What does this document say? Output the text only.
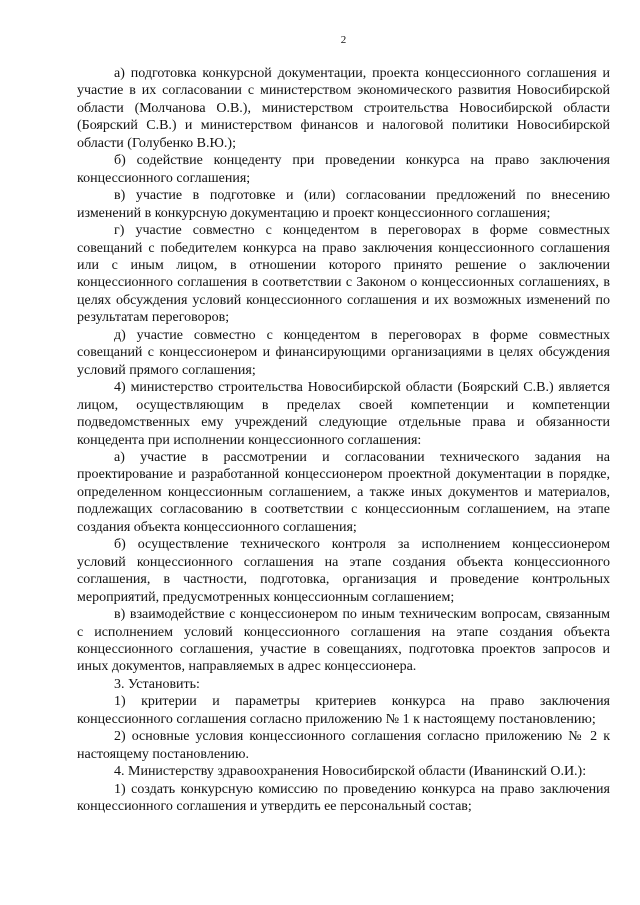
2

а) подготовка конкурсной документации, проекта концессионного соглашения и участие в их согласовании с министерством экономического развития Новосибирской области (Молчанова О.В.), министерством строительства Новосибирской области (Боярский С.В.) и министерством финансов и налоговой политики Новосибирской области (Голубенко В.Ю.);

б) содействие концеденту при проведении конкурса на право заключения концессионного соглашения;

в) участие в подготовке и (или) согласовании предложений по внесению изменений в конкурсную документацию и проект концессионного соглашения;

г) участие совместно с концедентом в переговорах в форме совместных совещаний с победителем конкурса на право заключения концессионного соглашения или с иным лицом, в отношении которого принято решение о заключении концессионного соглашения в соответствии с Законом о концессионных соглашениях, в целях обсуждения условий концессионного соглашения и их возможных изменений по результатам переговоров;

д) участие совместно с концедентом в переговорах в форме совместных совещаний с концессионером и финансирующими организациями в целях обсуждения условий прямого соглашения;

4) министерство строительства Новосибирской области (Боярский С.В.) является лицом, осуществляющим в пределах своей компетенции и компетенции подведомственных ему учреждений следующие отдельные права и обязанности концедента при исполнении концессионного соглашения:

а) участие в рассмотрении и согласовании технического задания на проектирование и разработанной концессионером проектной документации в порядке, определенном концессионным соглашением, а также иных документов и материалов, подлежащих согласованию в соответствии с концессионным соглашением, на этапе создания объекта концессионного соглашения;

б) осуществление технического контроля за исполнением концессионером условий концессионного соглашения на этапе создания объекта концессионного соглашения, в частности, подготовка, организация и проведение контрольных мероприятий, предусмотренных концессионным соглашением;

в) взаимодействие с концессионером по иным техническим вопросам, связанным с исполнением условий концессионного соглашения на этапе создания объекта концессионного соглашения, участие в совещаниях, подготовка проектов запросов и иных документов, направляемых в адрес концессионера.

3. Установить:

1) критерии и параметры критериев конкурса на право заключения концессионного соглашения согласно приложению № 1 к настоящему постановлению;

2) основные условия концессионного соглашения согласно приложению № 2 к настоящему постановлению.

4. Министерству здравоохранения Новосибирской области (Иванинский О.И.):

1) создать конкурсную комиссию по проведению конкурса на право заключения концессионного соглашения и утвердить ее персональный состав;
